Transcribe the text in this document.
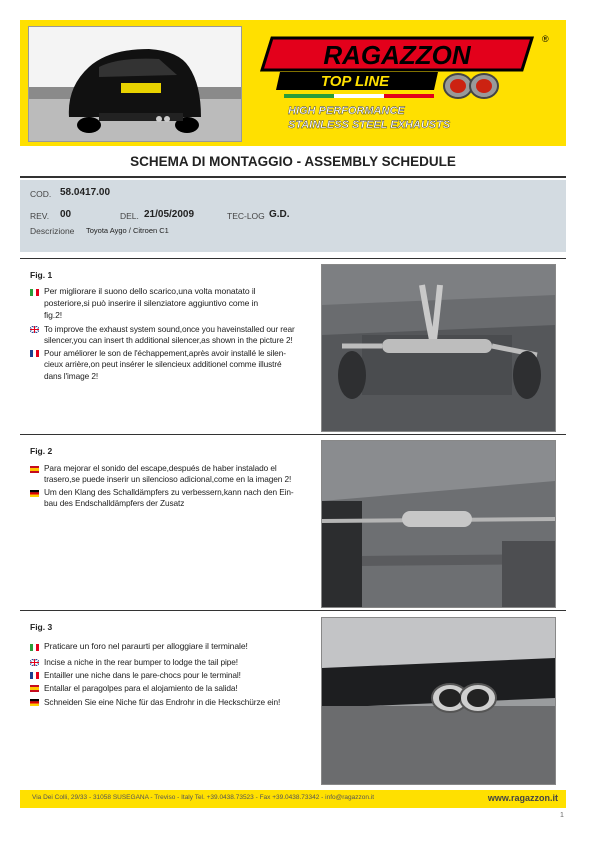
RAGAZZON
®
TOP LINE
HIGH PERFORMANCE
STAINLESS STEEL EXHAUSTS
SCHEMA DI MONTAGGIO - ASSEMBLY SCHEDULE
COD. 58.0417.00
REV. 00	DEL. 21/05/2009	TEC-LOG G.D.
Descrizione Toyota Aygo / Citroen C1
Fig. 1
Per migliorare il suono dello scarico,una volta monatato il
posteriore,si può inserire il silenziatore aggiuntivo come in
fig.2!
To improve the exhaust system sound,once you haveinstalled our rear
silencer,you can insert th additional silencer,as shown in the picture 2!
Pour améliorer le son de l'échappement,après avoir installé le silen-
cieux arrière,on peut insérer le silencieux additionel comme illustré
dans l'image 2!
Fig. 2
Para mejorar el sonido del escape,después de haber instalado el
trasero,se puede inserir un silencioso adicional,come en la imagen 2!
Um den Klang des Schalldämpfers zu verbessern,kann nach den Ein-
bau des Endschalldämpfers der Zusatz
Fig. 3
Praticare un foro nel paraurti per alloggiare il terminale!
Incise a niche in the rear bumper to lodge the tail pipe!
Entailler une niche dans le pare-chocs pour le terminal!
Entallar el paragolpes para el alojamiento de la salida!
Schneiden Sie eine Niche für das Endrohr in die Heckschürze ein!
Via Dei Colli, 29/33 - 31058 SUSEGANA - Treviso - Italy Tel. +39.0438.73523 - Fax +39.0438.73342 - info@ragazzon.it	www.ragazzon.it
1
